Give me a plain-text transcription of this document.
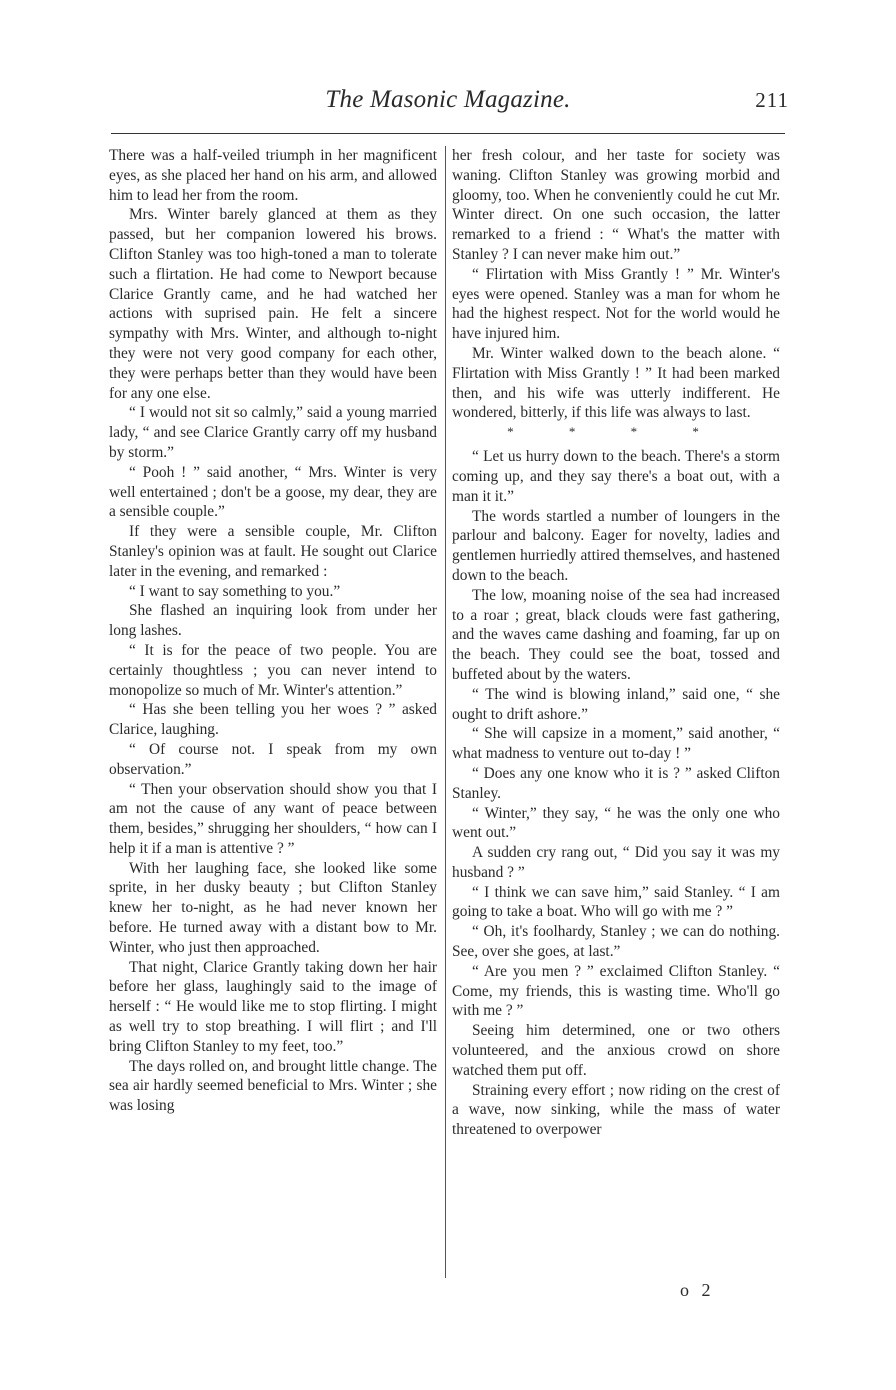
The Masonic Magazine.	211

There was a half-veiled triumph in her magnificent eyes, as she placed her hand on his arm, and allowed him to lead her from the room.

Mrs. Winter barely glanced at them as they passed, but her companion lowered his brows. Clifton Stanley was too high-toned a man to tolerate such a flirtation. He had come to Newport because Clarice Grantly came, and he had watched her actions with suprised pain. He felt a sincere sympathy with Mrs. Winter, and although to-night they were not very good company for each other, they were perhaps better than they would have been for any one else.

“ I would not sit so calmly,” said a young married lady, “ and see Clarice Grantly carry off my husband by storm.”

“ Pooh ! ” said another, “ Mrs. Winter is very well entertained ; don't be a goose, my dear, they are a sensible couple.”

If they were a sensible couple, Mr. Clifton Stanley's opinion was at fault. He sought out Clarice later in the evening, and remarked :

“ I want to say something to you.”

She flashed an inquiring look from under her long lashes.

“ It is for the peace of two people. You are certainly thoughtless ; you can never intend to monopolize so much of Mr. Winter's attention.”

“ Has she been telling you her woes ? ” asked Clarice, laughing.

“ Of course not. I speak from my own observation.”

“ Then your observation should show you that I am not the cause of any want of peace between them, besides,” shrugging her shoulders, “ how can I help it if a man is attentive ? ”

With her laughing face, she looked like some sprite, in her dusky beauty ; but Clifton Stanley knew her to-night, as he had never known her before. He turned away with a distant bow to Mr. Winter, who just then approached.

That night, Clarice Grantly taking down her hair before her glass, laughingly said to the image of herself : “ He would like me to stop flirting. I might as well try to stop breathing. I will flirt ; and I'll bring Clifton Stanley to my feet, too.”

The days rolled on, and brought little change. The sea air hardly seemed beneficial to Mrs. Winter ; she was losing

her fresh colour, and her taste for society was waning. Clifton Stanley was growing morbid and gloomy, too. When he conveniently could he cut Mr. Winter direct. On one such occasion, the latter remarked to a friend : “ What's the matter with Stanley ? I can never make him out.”

“ Flirtation with Miss Grantly ! ” Mr. Winter's eyes were opened. Stanley was a man for whom he had the highest respect. Not for the world would he have injured him.

Mr. Winter walked down to the beach alone. “ Flirtation with Miss Grantly ! ” It had been marked then, and his wife was utterly indifferent. He wondered, bitterly, if this life was always to last.

* * * *

“ Let us hurry down to the beach. There's a storm coming up, and they say there's a boat out, with a man it it.”

The words startled a number of loungers in the parlour and balcony. Eager for novelty, ladies and gentlemen hurriedly attired themselves, and hastened down to the beach.

The low, moaning noise of the sea had increased to a roar ; great, black clouds were fast gathering, and the waves came dashing and foaming, far up on the beach. They could see the boat, tossed and buffeted about by the waters.

“ The wind is blowing inland,” said one, “ she ought to drift ashore.”

“ She will capsize in a moment,” said another, “ what madness to venture out to-day ! ”

“ Does any one know who it is ? ” asked Clifton Stanley.

“ Winter,” they say, “ he was the only one who went out.”

A sudden cry rang out, “ Did you say it was my husband ? ”

“ I think we can save him,” said Stanley. “ I am going to take a boat. Who will go with me ? ”

“ Oh, it's foolhardy, Stanley ; we can do nothing. See, over she goes, at last.”

“ Are you men ? ” exclaimed Clifton Stanley. “ Come, my friends, this is wasting time. Who'll go with me ? ”

Seeing him determined, one or two others volunteered, and the anxious crowd on shore watched them put off.

Straining every effort ; now riding on the crest of a wave, now sinking, while the mass of water threatened to overpower

o 2
